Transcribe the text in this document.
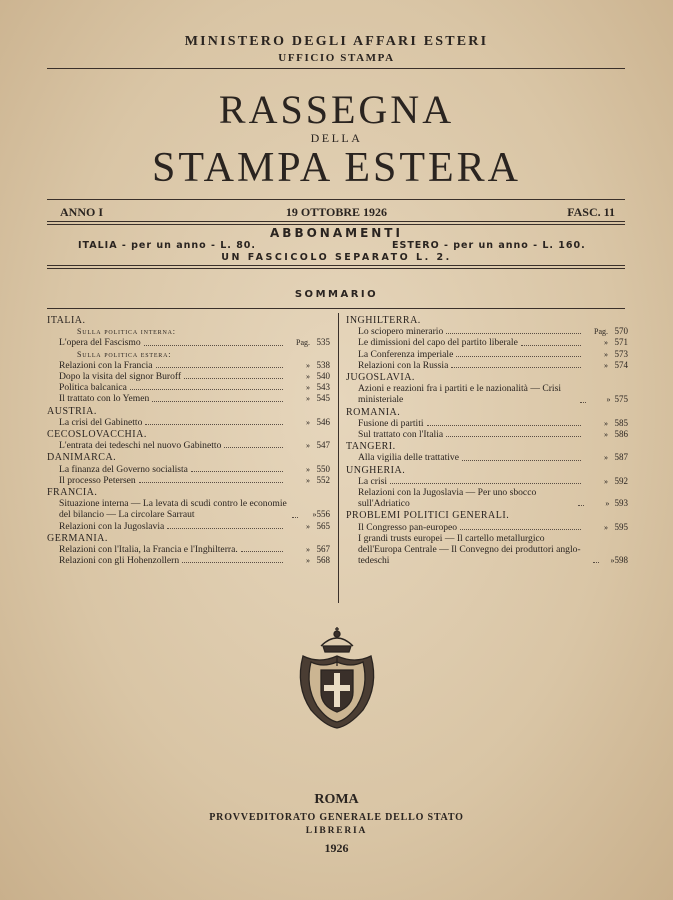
MINISTERO DEGLI AFFARI ESTERI
UFFICIO STAMPA
RASSEGNA
DELLA
STAMPA ESTERA
ANNO I	19 OTTOBRE 1926	FASC. 11
ABBONAMENTI
ITALIA - per un anno - L. 80.	ESTERO - per un anno - L. 160.
UN FASCICOLO SEPARATO L. 2.
SOMMARIO
ITALIA.
Sulla politica interna:
L'opera del Fascismo	Pag. 535
Sulla politica estera:
Relazioni con la Francia	» 538
Dopo la visita del signor Buroff	» 540
Politica balcanica	» 543
Il trattato con lo Yemen	» 545
AUSTRIA.
La crisi del Gabinetto	» 546
CECOSLOVACCHIA.
L'entrata dei tedeschi nel nuovo Gabinetto	» 547
DANIMARCA.
La finanza del Governo socialista	» 550
Il processo Petersen	» 552
FRANCIA.
Situazione interna — La levata di scudi contro le economie del bilancio — La circolare Sarraut	» 556
Relazioni con la Jugoslavia	» 565
GERMANIA.
Relazioni con l'Italia, la Francia e l'Inghilterra.	» 567
Relazioni con gli Hohenzollern	» 568
INGHILTERRA.
Lo sciopero minerario	Pag. 570
Le dimissioni del capo del partito liberale	» 571
La Conferenza imperiale	» 573
Relazioni con la Russia	» 574
JUGOSLAVIA.
Azioni e reazioni fra i partiti e le nazionalità — Crisi ministeriale	» 575
ROMANIA.
Fusione di partiti	» 585
Sul trattato con l'Italia	» 586
TANGERI.
Alla vigilia delle trattative	» 587
UNGHERIA.
La crisi	» 592
Relazioni con la Jugoslavia — Per uno sbocco sull'Adriatico	» 593
PROBLEMI POLITICI GENERALI.
Il Congresso pan-europeo	» 595
I grandi trusts europei — Il cartello metallurgico dell'Europa Centrale — Il Convegno dei produttori anglo-tedeschi	» 598
ROMA
PROVVEDITORATO GENERALE DELLO STATO
LIBRERIA
1926
